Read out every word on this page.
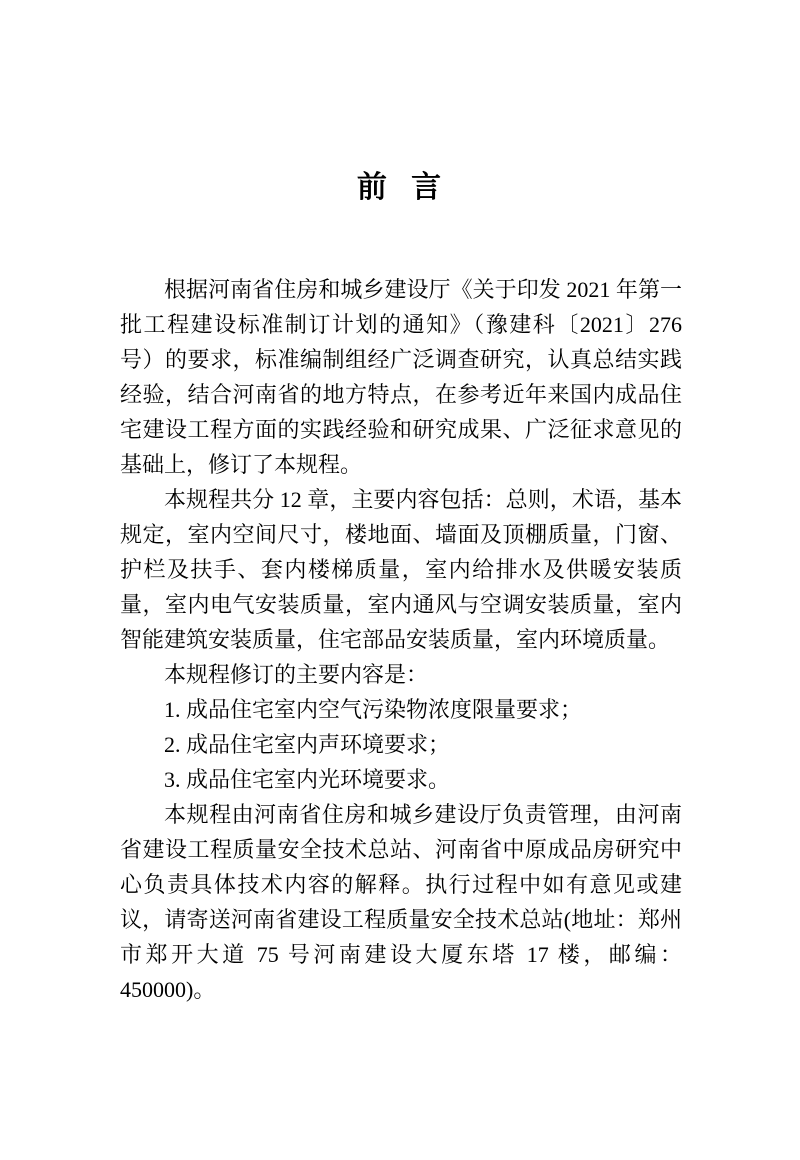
前 言

根据河南省住房和城乡建设厅《关于印发 2021 年第一批工程建设标准制订计划的通知》（豫建科〔2021〕276 号）的要求，标准编制组经广泛调查研究，认真总结实践经验，结合河南省的地方特点，在参考近年来国内成品住宅建设工程方面的实践经验和研究成果、广泛征求意见的基础上，修订了本规程。

本规程共分 12 章，主要内容包括：总则，术语，基本规定，室内空间尺寸，楼地面、墙面及顶棚质量，门窗、护栏及扶手、套内楼梯质量，室内给排水及供暖安装质量，室内电气安装质量，室内通风与空调安装质量，室内智能建筑安装质量，住宅部品安装质量，室内环境质量。

本规程修订的主要内容是：

1. 成品住宅室内空气污染物浓度限量要求；

2. 成品住宅室内声环境要求；

3. 成品住宅室内光环境要求。

本规程由河南省住房和城乡建设厅负责管理，由河南省建设工程质量安全技术总站、河南省中原成品房研究中心负责具体技术内容的解释。执行过程中如有意见或建议，请寄送河南省建设工程质量安全技术总站(地址：郑州市郑开大道 75 号河南建设大厦东塔 17 楼，邮编：450000)。
